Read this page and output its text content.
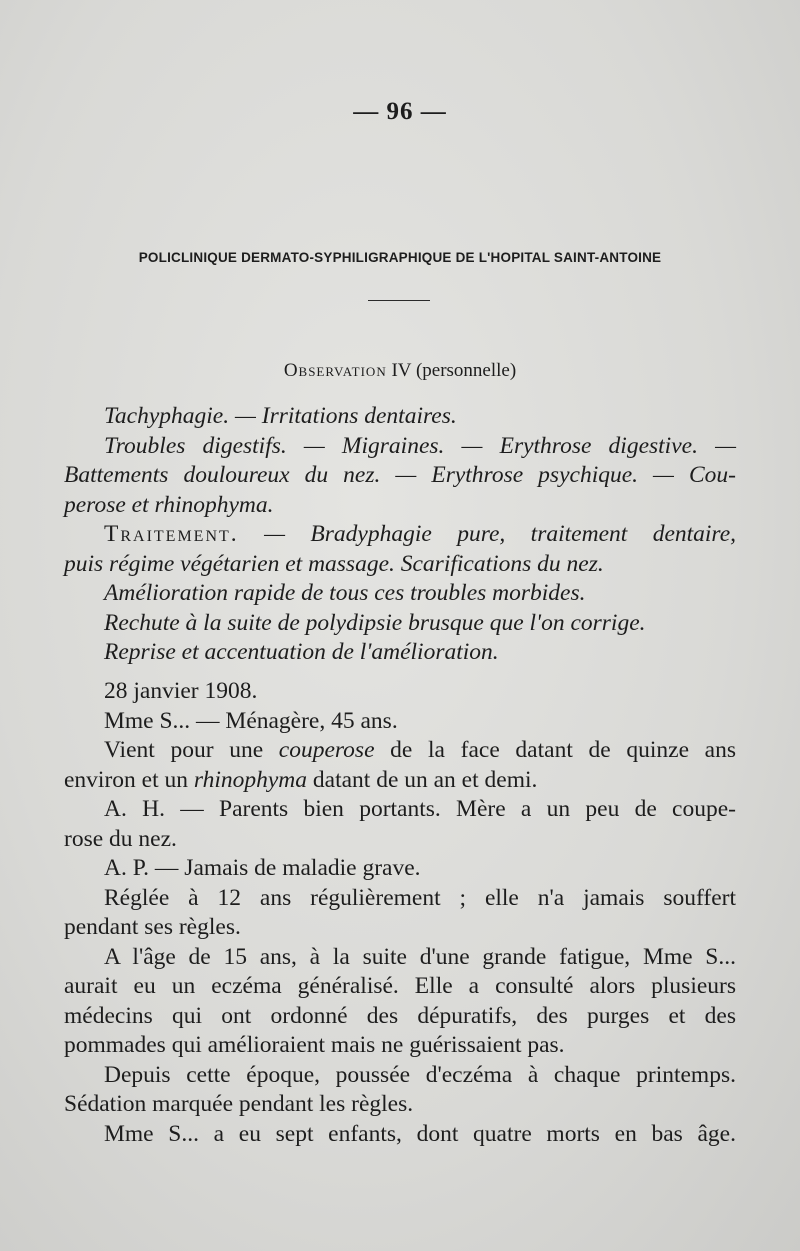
— 96 —
POLICLINIQUE DERMATO-SYPHILIGRAPHIQUE DE L'HOPITAL SAINT-ANTOINE
Observation IV (personnelle)
Tachyphagie. — Irritations dentaires.
Troubles digestifs. — Migraines. — Erythrose digestive. —
Battements douloureux du nez. — Erythrose psychique. — Cou-
perose et rhinophyma.
Traitement. — Bradyphagie pure, traitement dentaire,
puis régime végétarien et massage. Scarifications du nez.
Amélioration rapide de tous ces troubles morbides.
Rechute à la suite de polydipsie brusque que l'on corrige.
Reprise et accentuation de l'amélioration.
28 janvier 1908.
Mme S... — Ménagère, 45 ans.
Vient pour une couperose de la face datant de quinze ans
environ et un rhinophyma datant de un an et demi.
A. H. — Parents bien portants. Mère a un peu de coupe-
rose du nez.
A. P. — Jamais de maladie grave.
Réglée à 12 ans régulièrement ; elle n'a jamais souffert
pendant ses règles.
A l'âge de 15 ans, à la suite d'une grande fatigue, Mme S...
aurait eu un eczéma généralisé. Elle a consulté alors plusieurs
médecins qui ont ordonné des dépuratifs, des purges et des
pommades qui amélioraient mais ne guérissaient pas.
Depuis cette époque, poussée d'eczéma à chaque printemps.
Sédation marquée pendant les règles.
Mme S... a eu sept enfants, dont quatre morts en bas âge.
